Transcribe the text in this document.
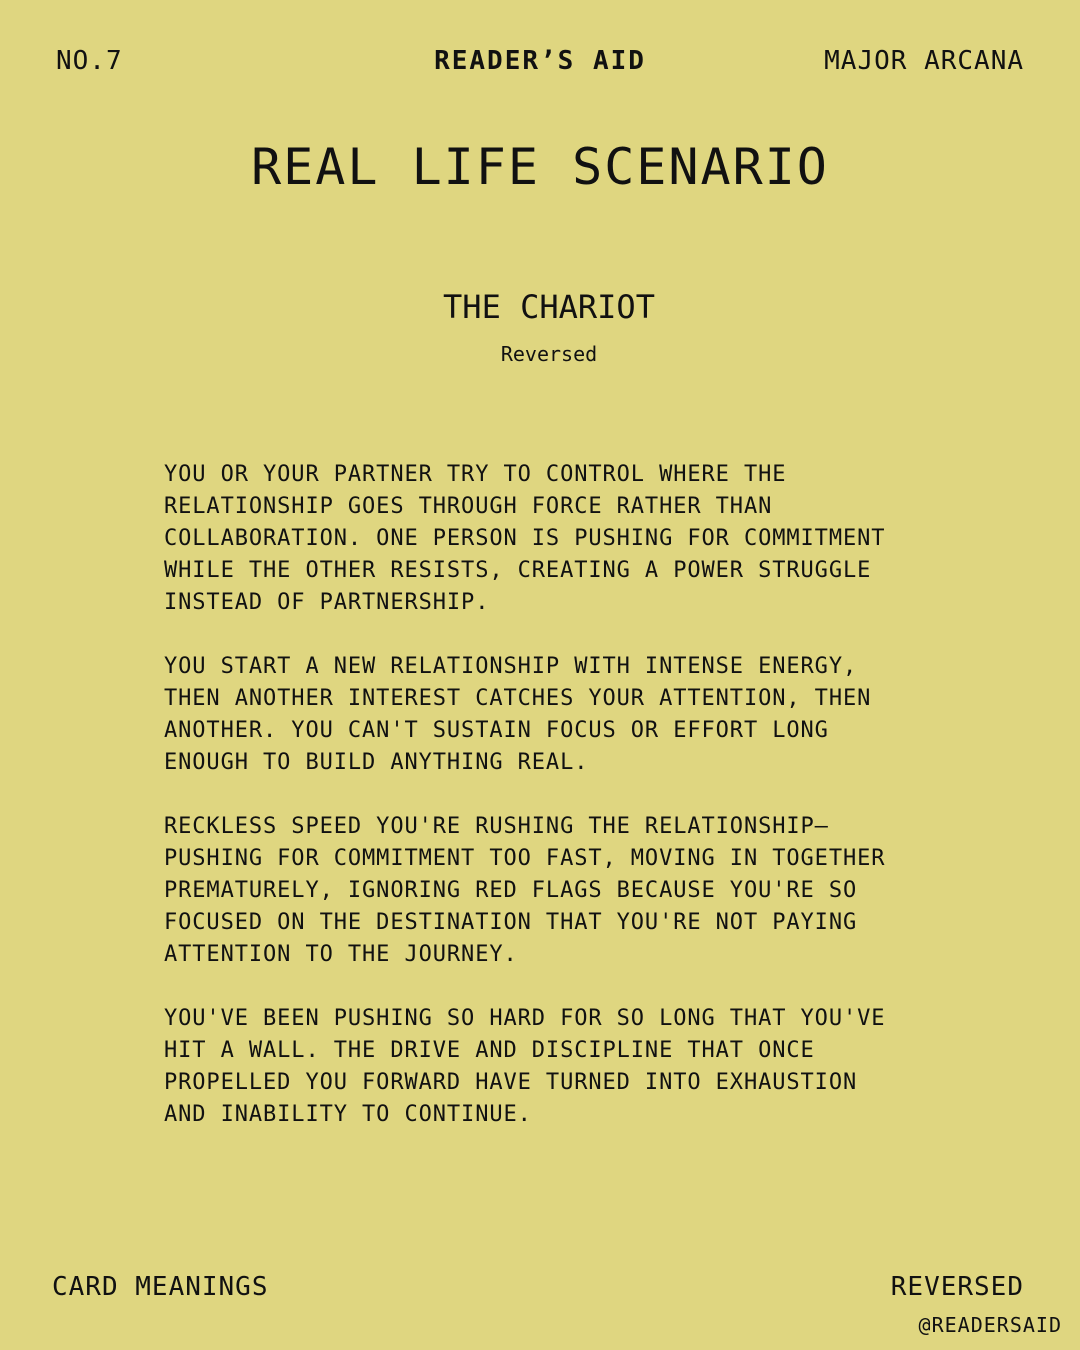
NO.7	READER’S AID	MAJOR ARCANA
REAL LIFE SCENARIO
THE CHARIOT
Reversed

YOU OR YOUR PARTNER TRY TO CONTROL WHERE THE
RELATIONSHIP GOES THROUGH FORCE RATHER THAN
COLLABORATION. ONE PERSON IS PUSHING FOR COMMITMENT
WHILE THE OTHER RESISTS, CREATING A POWER STRUGGLE
INSTEAD OF PARTNERSHIP.

YOU START A NEW RELATIONSHIP WITH INTENSE ENERGY,
THEN ANOTHER INTEREST CATCHES YOUR ATTENTION, THEN
ANOTHER. YOU CAN'T SUSTAIN FOCUS OR EFFORT LONG
ENOUGH TO BUILD ANYTHING REAL.

RECKLESS SPEED YOU'RE RUSHING THE RELATIONSHIP—
PUSHING FOR COMMITMENT TOO FAST, MOVING IN TOGETHER
PREMATURELY, IGNORING RED FLAGS BECAUSE YOU'RE SO
FOCUSED ON THE DESTINATION THAT YOU'RE NOT PAYING
ATTENTION TO THE JOURNEY.

YOU'VE BEEN PUSHING SO HARD FOR SO LONG THAT YOU'VE
HIT A WALL. THE DRIVE AND DISCIPLINE THAT ONCE
PROPELLED YOU FORWARD HAVE TURNED INTO EXHAUSTION
AND INABILITY TO CONTINUE.

CARD MEANINGS	REVERSED
@READERSAID
